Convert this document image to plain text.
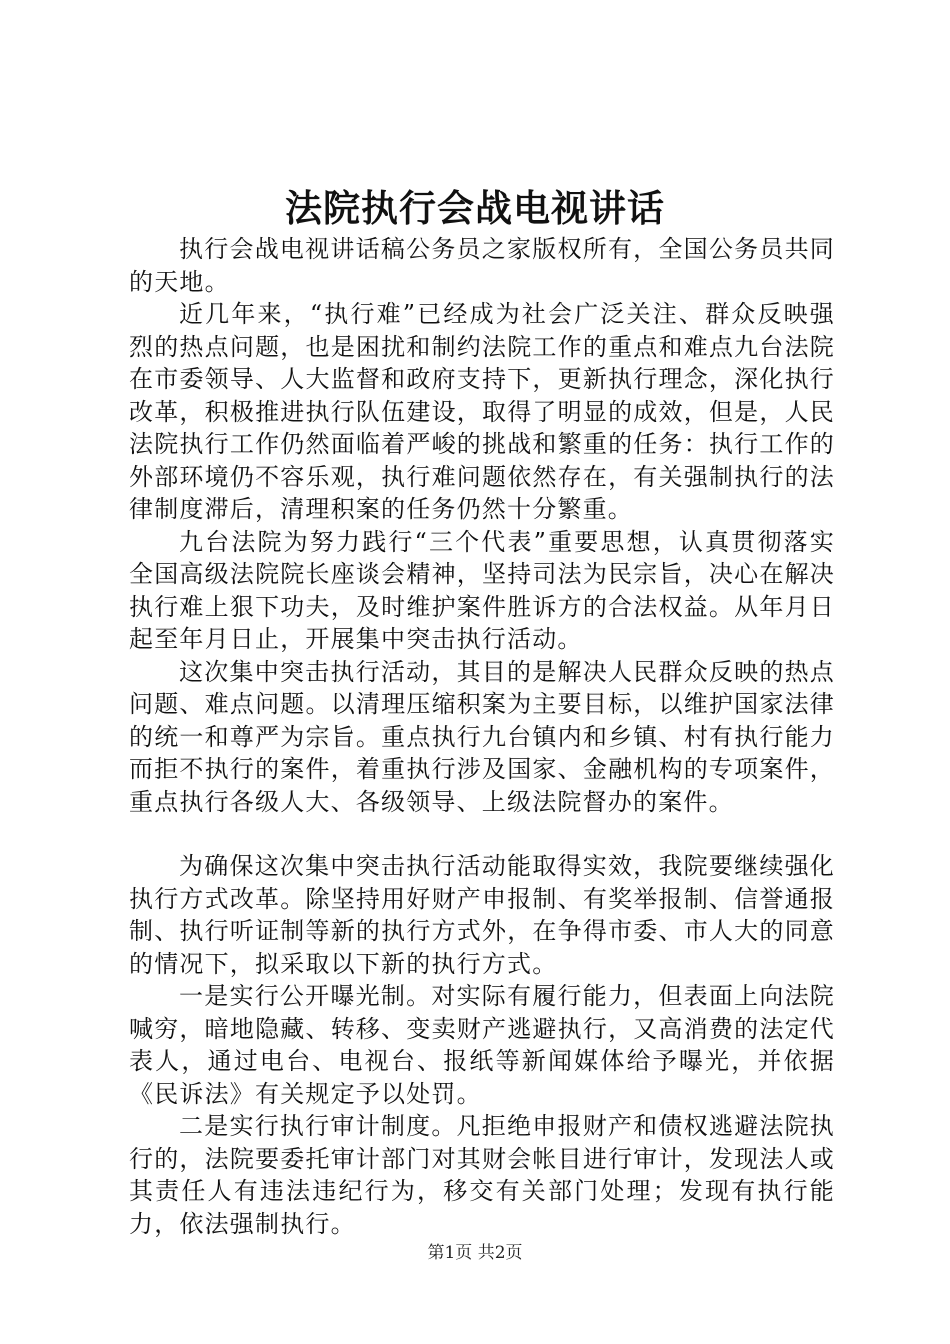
法院执行会战电视讲话

执行会战电视讲话稿公务员之家版权所有，全国公务员共同的天地。

近几年来，“执行难”已经成为社会广泛关注、群众反映强烈的热点问题，也是困扰和制约法院工作的重点和难点九台法院在市委领导、人大监督和政府支持下，更新执行理念，深化执行改革，积极推进执行队伍建设，取得了明显的成效，但是，人民法院执行工作仍然面临着严峻的挑战和繁重的任务：执行工作的外部环境仍不容乐观，执行难问题依然存在，有关强制执行的法律制度滞后，清理积案的任务仍然十分繁重。

九台法院为努力践行“三个代表”重要思想，认真贯彻落实全国高级法院院长座谈会精神，坚持司法为民宗旨，决心在解决执行难上狠下功夫，及时维护案件胜诉方的合法权益。从年月日起至年月日止，开展集中突击执行活动。

这次集中突击执行活动，其目的是解决人民群众反映的热点问题、难点问题。以清理压缩积案为主要目标，以维护国家法律的统一和尊严为宗旨。重点执行九台镇内和乡镇、村有执行能力而拒不执行的案件，着重执行涉及国家、金融机构的专项案件，重点执行各级人大、各级领导、上级法院督办的案件。

为确保这次集中突击执行活动能取得实效，我院要继续强化执行方式改革。除坚持用好财产申报制、有奖举报制、信誉通报制、执行听证制等新的执行方式外，在争得市委、市人大的同意的情况下，拟采取以下新的执行方式。

一是实行公开曝光制。对实际有履行能力，但表面上向法院喊穷，暗地隐藏、转移、变卖财产逃避执行，又高消费的法定代表人，通过电台、电视台、报纸等新闻媒体给予曝光，并依据《民诉法》有关规定予以处罚。

二是实行执行审计制度。凡拒绝申报财产和债权逃避法院执行的，法院要委托审计部门对其财会帐目进行审计，发现法人或其责任人有违法违纪行为，移交有关部门处理；发现有执行能力，依法强制执行。

第1页 共2页
